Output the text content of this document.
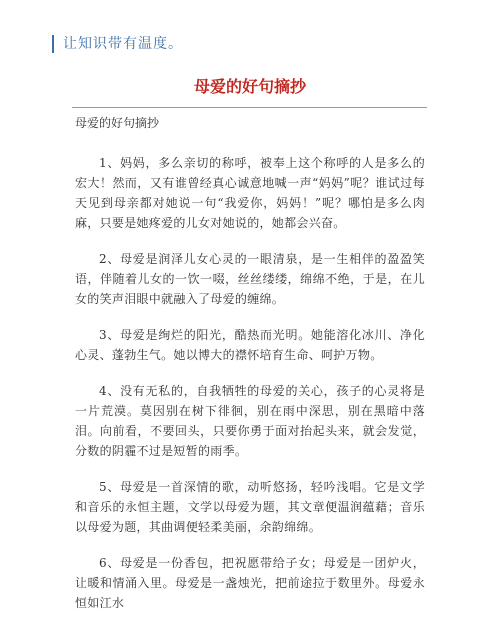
让知识带有温度。
母爱的好句摘抄

母爱的好句摘抄

1、妈妈，多么亲切的称呼，被奉上这个称呼的人是多么的宏大！然而，又有谁曾经真心诚意地喊一声“妈妈”呢？谁试过每天见到母亲都对她说一句“我爱你，妈妈！”呢？哪怕是多么肉麻，只要是她疼爱的儿女对她说的，她都会兴奋。

2、母爱是润泽儿女心灵的一眼清泉，是一生相伴的盈盈笑语，伴随着儿女的一饮一啜，丝丝缕缕，绵绵不绝，于是，在儿女的笑声泪眼中就融入了母爱的缠绵。

3、母爱是绚烂的阳光，酷热而光明。她能溶化冰川、净化心灵、蓬勃生气。她以博大的襟怀培育生命、呵护万物。

4、没有无私的，自我牺牲的母爱的关心，孩子的心灵将是一片荒漠。莫因别在树下徘徊，别在雨中深思，别在黑暗中落泪。向前看，不要回头，只要你勇于面对抬起头来，就会发觉，分数的阴霾不过是短暂的雨季。

5、母爱是一首深情的歌，动听悠扬，轻吟浅唱。它是文学和音乐的永恒主题，文学以母爱为题，其文章便温润蕴藉；音乐以母爱为题，其曲调便轻柔美丽，余韵绵绵。

6、母爱是一份香包，把祝愿带给子女；母爱是一团炉火，让暖和情涌入里。母爱是一盏烛光，把前途拉于数里外。母爱永恒如江水
